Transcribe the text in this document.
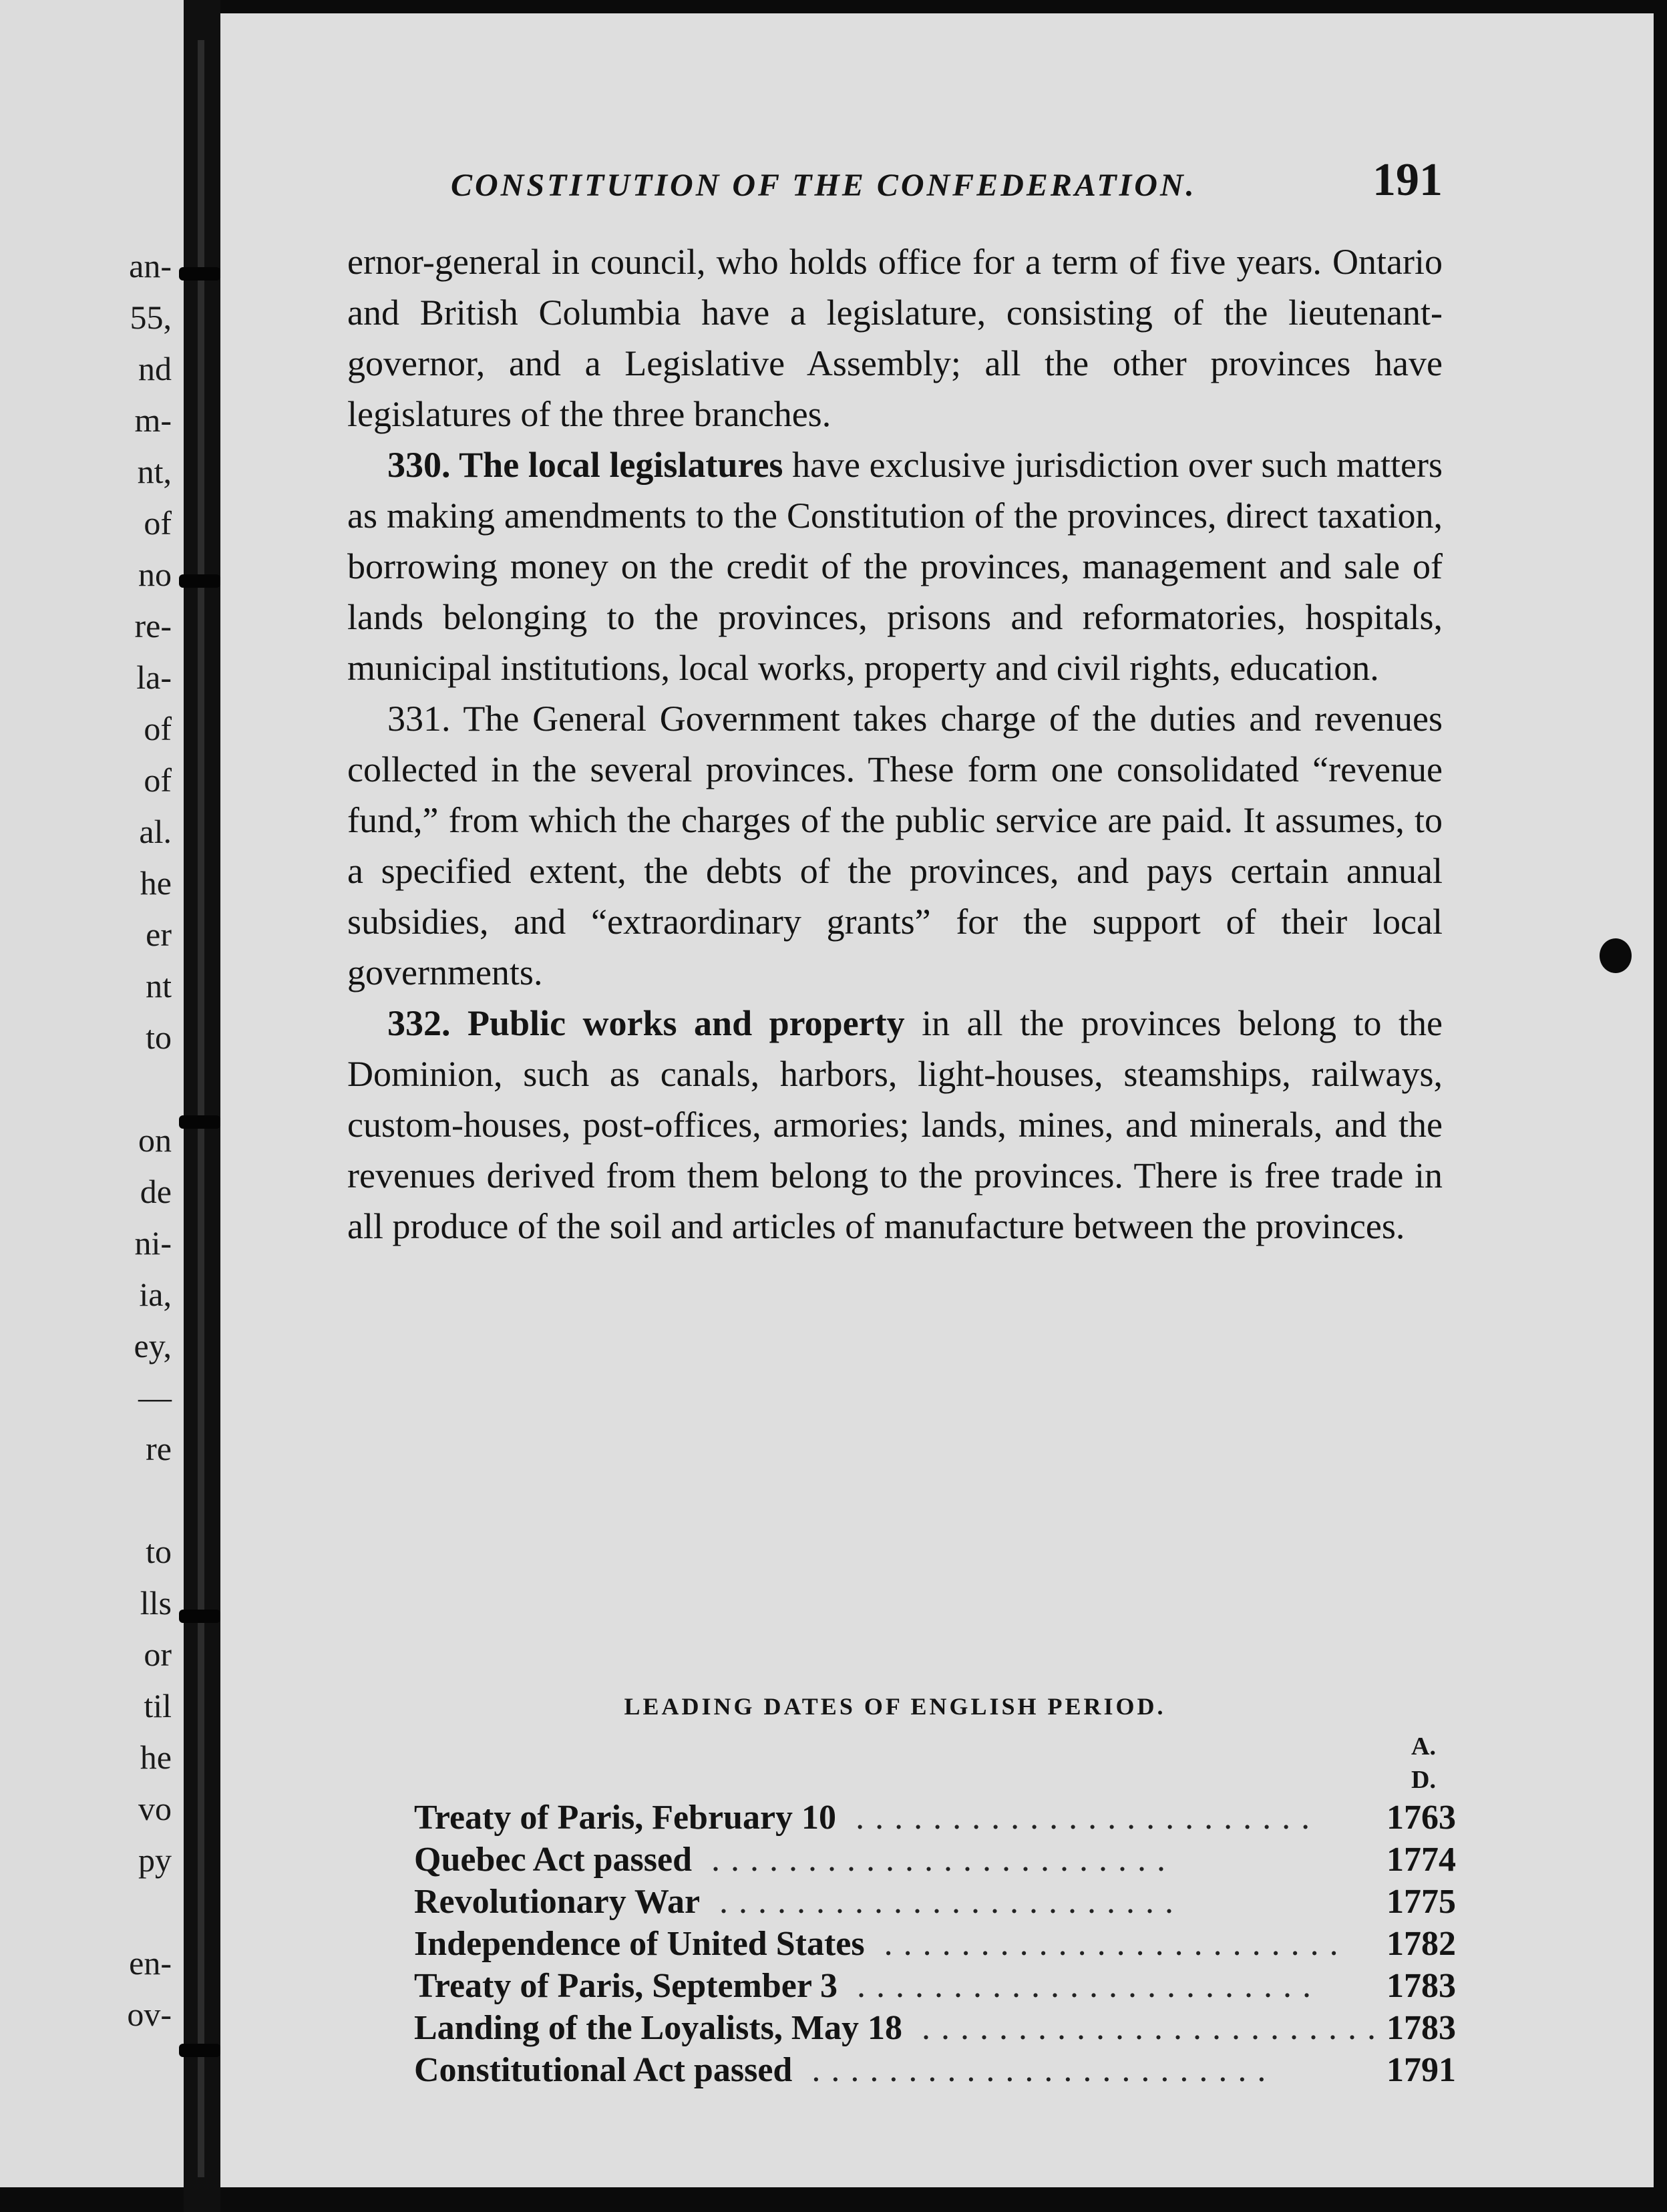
an-
55,
nd
m-
nt,
of
no
re-
la-
of
of
al.
he
er
nt
to
on
de
ni-
ia,
ey,
—
re
to
lls
or
til
he
vo
py
en-
ov-
CONSTITUTION OF THE CONFEDERATION.	191

ernor-general in council, who holds office for a term of five years. Ontario and British Columbia have a legislature, consisting of the lieutenant-governor, and a Legislative Assembly; all the other provinces have legislatures of the three branches.

330. The local legislatures have exclusive jurisdiction over such matters as making amendments to the Constitution of the provinces, direct taxation, borrowing money on the credit of the provinces, management and sale of lands belonging to the provinces, prisons and reformatories, hospitals, municipal institutions, local works, property and civil rights, education.

331. The General Government takes charge of the duties and revenues collected in the several provinces. These form one consolidated “revenue fund,” from which the charges of the public service are paid. It assumes, to a specified extent, the debts of the provinces, and pays certain annual subsidies, and “extraordinary grants” for the support of their local governments.

332. Public works and property in all the provinces belong to the Dominion, such as canals, harbors, light-houses, steamships, railways, custom-houses, post-offices, armories; lands, mines, and minerals, and the revenues derived from them belong to the provinces. There is free trade in all produce of the soil and articles of manufacture between the provinces.

LEADING DATES OF ENGLISH PERIOD.

	A. D.
Treaty of Paris, February 10 ........................	1763
Quebec Act passed ........................	1774
Revolutionary War ........................	1775
Independence of United States ........................	1782
Treaty of Paris, September 3 ........................	1783
Landing of the Loyalists, May 18 ........................	1783
Constitutional Act passed ........................	1791
